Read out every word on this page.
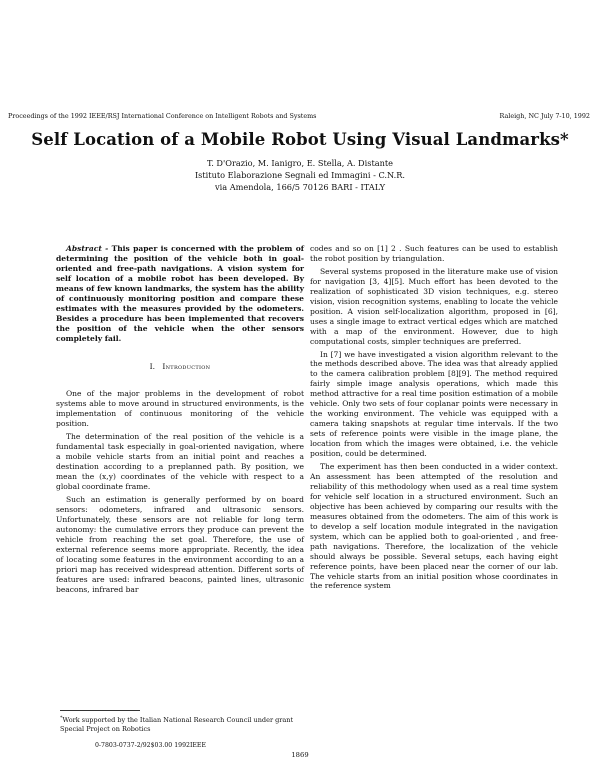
Proceedings of the 1992 IEEE/RSJ International Conference on Intelligent Robots and Systems	Raleigh, NC July 7-10, 1992
Self Location of a Mobile Robot Using Visual Landmarks*
T. D'Orazio, M. Ianigro, E. Stella, A. Distante
Istituto Elaborazione Segnali ed Immagini - C.N.R.
via Amendola, 166/5 70126 BARI - ITALY

Abstract - This paper is concerned with the problem of determining the position of the vehicle both in goal-oriented and free-path navigations. A vision system for self location of a mobile robot has been developed. By means of few known landmarks, the system has the ability of continuously monitoring position and compare these estimates with the measures provided by the odometers. Besides a procedure has been implemented that recovers the position of the vehicle when the other sensors completely fail.

I. Introduction

One of the major problems in the development of robot systems able to move around in structured environments, is the implementation of continuous monitoring of the vehicle position.

The determination of the real position of the vehicle is a fundamental task especially in goal-oriented navigation, where a mobile vehicle starts from an initial point and reaches a destination according to a preplanned path. By position, we mean the (x,y) coordinates of the vehicle with respect to a global coordinate frame.

Such an estimation is generally performed by on board sensors: odometers, infrared and ultrasonic sensors. Unfortunately, these sensors are not reliable for long term autonomy: the cumulative errors they produce can prevent the vehicle from reaching the set goal. Therefore, the use of external reference seems more appropriate. Recently, the idea of locating some features in the environment according to an a priori map has received widespread attention. Different sorts of features are used: infrared beacons, painted lines, ultrasonic beacons, infrared bar

codes and so on [1] 2 . Such features can be used to establish the robot position by triangulation.

Several systems proposed in the literature make use of vision for navigation [3, 4][5]. Much effort has been devoted to the realization of sophisticated 3D vision techniques, e.g. stereo vision, vision recognition systems, enabling to locate the vehicle position. A vision self-localization algorithm, proposed in [6], uses a single image to extract vertical edges which are matched with a map of the environment. However, due to high computational costs, simpler techniques are preferred.

In [7] we have investigated a vision algorithm relevant to the the methods described above. The idea was that already applied to the camera calibration problem [8][9]. The method required fairly simple image analysis operations, which made this method attractive for a real time position estimation of a mobile vehicle. Only two sets of four coplanar points were necessary in the working environment. The vehicle was equipped with a camera taking snapshots at regular time intervals. If the two sets of reference points were visible in the image plane, the location from which the images were obtained, i.e. the vehicle position, could be determined.

The experiment has then been conducted in a wider context. An assessment has been attempted of the resolution and reliability of this methodology when used as a real time system for vehicle self location in a structured environment. Such an objective has been achieved by comparing our results with the measures obtained from the odometers. The aim of this work is to develop a self location module integrated in the navigation system, which can be applied both to goal-oriented , and free-path navigations. Therefore, the localization of the vehicle should always be possible. Several setups, each having eight reference points, have been placed near the corner of our lab. The vehicle starts from an initial position whose coordinates in the reference system

*Work supported by the Italian National Research Council under grant Special Project on Robotics
0-7803-0737-2/92$03.00 1992IEEE
1869
